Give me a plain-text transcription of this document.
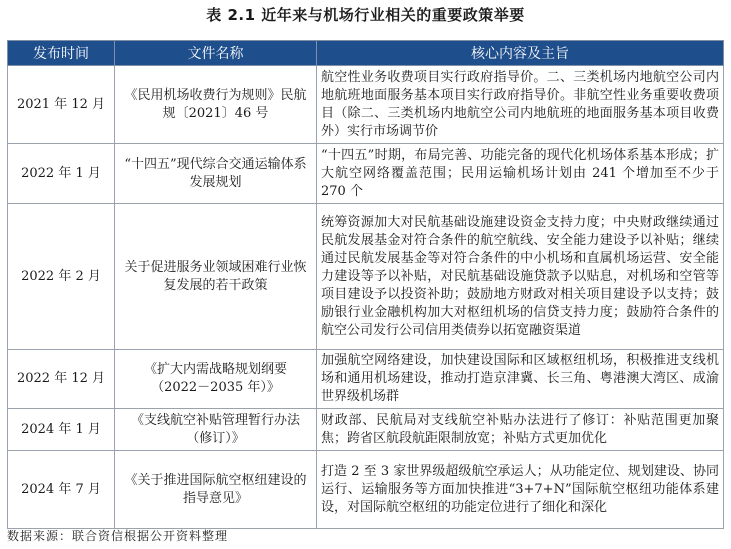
表 2.1 近年来与机场行业相关的重要政策举要
发布时间	文件名称	核心内容及主旨
2021 年 12 月	《民用机场收费行为规则》民航规〔2021〕46 号	航空性业务收费项目实行政府指导价。二、三类机场内地航空公司内地航班地面服务基本项目实行政府指导价。非航空性业务重要收费项目（除二、三类机场内地航空公司内地航班的地面服务基本项目收费外）实行市场调节价
2022 年 1 月	“十四五”现代综合交通运输体系发展规划	“十四五”时期，布局完善、功能完备的现代化机场体系基本形成；扩大航空网络覆盖范围；民用运输机场计划由 241 个增加至不少于 270 个
2022 年 2 月	关于促进服务业领域困难行业恢复发展的若干政策	统筹资源加大对民航基础设施建设资金支持力度；中央财政继续通过民航发展基金对符合条件的航空航线、安全能力建设予以补贴；继续通过民航发展基金等对符合条件的中小机场和直属机场运营、安全能力建设等予以补贴，对民航基础设施贷款予以贴息，对机场和空管等项目建设予以投资补助；鼓励地方财政对相关项目建设予以支持；鼓励银行业金融机构加大对枢纽机场的信贷支持力度；鼓励符合条件的航空公司发行公司信用类债券以拓宽融资渠道
2022 年 12 月	《扩大内需战略规划纲要（2022－2035 年）》	加强航空网络建设，加快建设国际和区域枢纽机场，积极推进支线机场和通用机场建设，推动打造京津冀、长三角、粤港澳大湾区、成渝世界级机场群
2024 年 1 月	《支线航空补贴管理暂行办法（修订）》	财政部、民航局对支线航空补贴办法进行了修订：补贴范围更加聚焦；跨省区航段航距限制放宽；补贴方式更加优化
2024 年 7 月	《关于推进国际航空枢纽建设的指导意见》	打造 2 至 3 家世界级超级航空承运人；从功能定位、规划建设、协同运行、运输服务等方面加快推进“3+7+N”国际航空枢纽功能体系建设，对国际航空枢纽的功能定位进行了细化和深化
数据来源：联合资信根据公开资料整理
